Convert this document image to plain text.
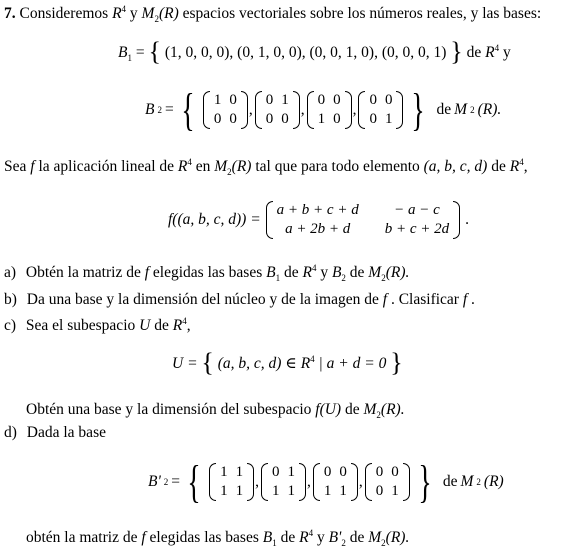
7. Consideremos $R^4$ y $M_2(R)$ espacios vectoriales sobre los números reales, y las bases:
$B_1$ = { (1, 0, 0, 0), (0, 1, 0, 0), (0, 0, 1, 0), (0, 0, 0, 1) } de $R^4$ y
B 2 = { 1	0
0	0
,
0	1
0	0
,
0	0
1	0
,
0	0
0	1 } de M 2 (R).
Sea f la aplicación lineal de $R^4$ en $M_2(R)$ tal que para todo elemento (a, b, c, d) de $R^4$,
f((a, b, c, d)) =
a + b + c + d	− a − c
a + 2b + d	b + c + 2d
.
a) Obtén la matriz de f elegidas las bases $B_1$ de $R^4$ y $B_2$ de $M_2(R)$.
b) Da una base y la dimensión del núcleo y de la imagen de f . Clasificar f .
c) Sea el subespacio U de $R^4$,
U = { (a, b, c, d) ∈ $R^4$ | a + d = 0 }
Obtén una base y la dimensión del subespacio f(U) de $M_2(R)$.
d) Dada la base
B' 2 = { 1	1
1	1
,
0	1
1	1
,
0	0
1	1
,
0	0
0	1 } de M 2 (R)
obtén la matriz de f elegidas las bases $B_1$ de $R^4$ y $B'_2$ de $M_2(R)$.
